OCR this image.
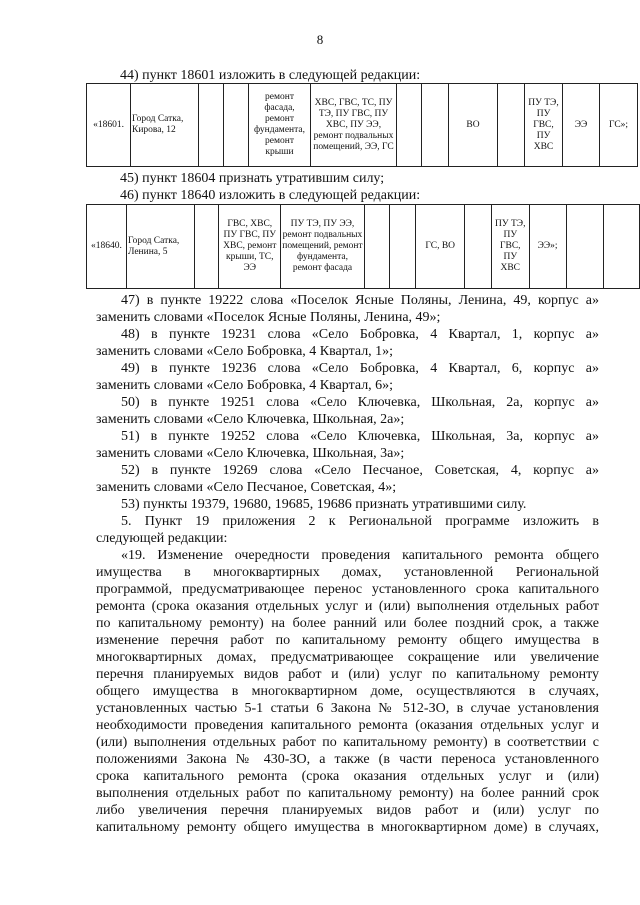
8
44) пункт 18601 изложить в следующей редакции:
«18601.	Город Сатка, Кирова, 12			ремонт фасада, ремонт фундамента, ремонт крыши	ХВС, ГВС, ТС, ПУ ТЭ, ПУ ГВС, ПУ ХВС, ПУ ЭЭ, ремонт подвальных помещений, ЭЭ, ГС			ВО		ПУ ТЭ, ПУ ГВС, ПУ ХВС	ЭЭ	ГС»;
45) пункт 18604 признать утратившим силу;
46) пункт 18640 изложить в следующей редакции:
«18640.	Город Сатка, Ленина, 5		ГВС, ХВС, ПУ ГВС, ПУ ХВС, ремонт крыши, ТС, ЭЭ	ПУ ТЭ, ПУ ЭЭ, ремонт подвальных помещений, ремонт фундамента, ремонт фасада			ГС, ВО		ПУ ТЭ, ПУ ГВС, ПУ ХВС	ЭЭ»;		
47) в пункте 19222 слова «Поселок Ясные Поляны, Ленина, 49, корпус а»
заменить словами «Поселок Ясные Поляны, Ленина, 49»;
48) в пункте 19231 слова «Село Бобровка, 4 Квартал, 1, корпус а»
заменить словами «Село Бобровка, 4 Квартал, 1»;
49) в пункте 19236 слова «Село Бобровка, 4 Квартал, 6, корпус а»
заменить словами «Село Бобровка, 4 Квартал, 6»;
50) в пункте 19251 слова «Село Ключевка, Школьная, 2а, корпус а»
заменить словами «Село Ключевка, Школьная, 2а»;
51) в пункте 19252 слова «Село Ключевка, Школьная, 3а, корпус а»
заменить словами «Село Ключевка, Школьная, 3а»;
52) в пункте 19269 слова «Село Песчаное, Советская, 4, корпус а»
заменить словами «Село Песчаное, Советская, 4»;
53) пункты 19379, 19680, 19685, 19686 признать утратившими силу.
5. Пункт 19 приложения 2 к Региональной программе изложить в
следующей редакции:
«19. Изменение очередности проведения капитального ремонта общего
имущества в многоквартирных домах, установленной Региональной
программой, предусматривающее перенос установленного срока капитального
ремонта (срока оказания отдельных услуг и (или) выполнения отдельных работ
по капитальному ремонту) на более ранний или более поздний срок, а также
изменение перечня работ по капитальному ремонту общего имущества в
многоквартирных домах, предусматривающее сокращение или увеличение
перечня планируемых видов работ и (или) услуг по капитальному ремонту
общего имущества в многоквартирном доме, осуществляются в случаях,
установленных частью 5-1 статьи 6 Закона № 512-ЗО, в случае установления
необходимости проведения капитального ремонта (оказания отдельных услуг и
(или) выполнения отдельных работ по капитальному ремонту) в соответствии с
положениями Закона № 430-ЗО, а также (в части переноса установленного
срока капитального ремонта (срока оказания отдельных услуг и (или)
выполнения отдельных работ по капитальному ремонту) на более ранний срок
либо увеличения перечня планируемых видов работ и (или) услуг по
капитальному ремонту общего имущества в многоквартирном доме) в случаях,
